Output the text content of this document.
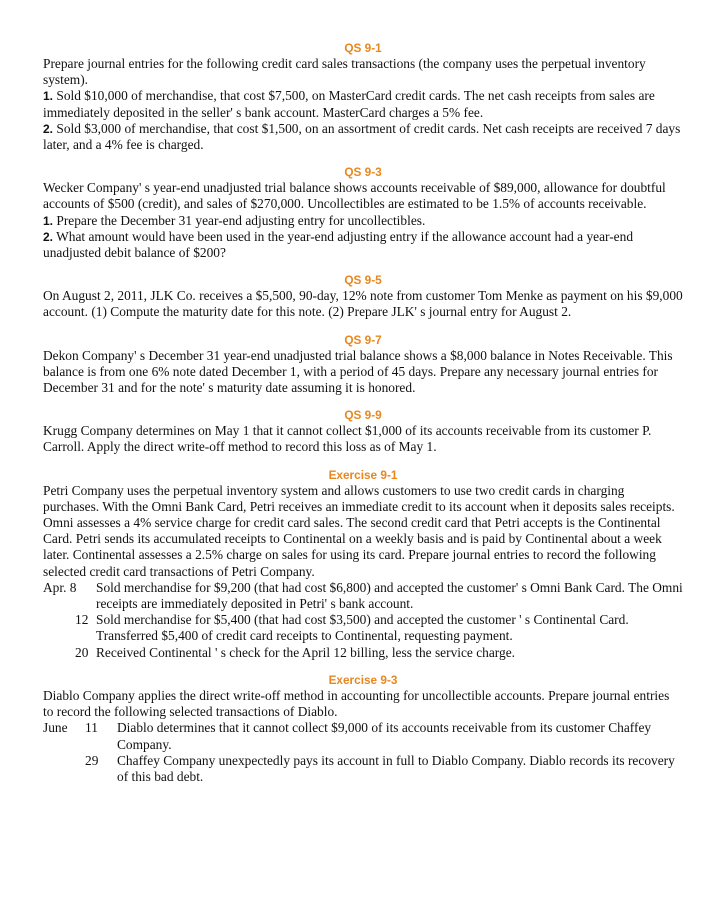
QS 9-1

Prepare journal entries for the following credit card sales transactions (the company uses the perpetual inventory system).

1. Sold $10,000 of merchandise, that cost $7,500, on MasterCard credit cards. The net cash receipts from sales are immediately deposited in the seller' s bank account. MasterCard charges a 5% fee.

2. Sold $3,000 of merchandise, that cost $1,500, on an assortment of credit cards. Net cash receipts are received 7 days later, and a 4% fee is charged.

QS 9-3

Wecker Company' s year-end unadjusted trial balance shows accounts receivable of $89,000, allowance for doubtful accounts of $500 (credit), and sales of $270,000. Uncollectibles are estimated to be 1.5% of accounts receivable.

1. Prepare the December 31 year-end adjusting entry for uncollectibles.

2. What amount would have been used in the year-end adjusting entry if the allowance account had a year-end unadjusted debit balance of $200?

QS 9-5

On August 2, 2011, JLK Co. receives a $5,500, 90-day, 12% note from customer Tom Menke as payment on his $9,000 account. (1) Compute the maturity date for this note. (2) Prepare JLK' s journal entry for August 2.

QS 9-7

Dekon Company' s December 31 year-end unadjusted trial balance shows a $8,000 balance in Notes Receivable. This balance is from one 6% note dated December 1, with a period of 45 days. Prepare any necessary journal entries for December 31 and for the note' s maturity date assuming it is honored.

QS 9-9

Krugg Company determines on May 1 that it cannot collect $1,000 of its accounts receivable from its customer P. Carroll. Apply the direct write-off method to record this loss as of May 1.

Exercise 9-1

Petri Company uses the perpetual inventory system and allows customers to use two credit cards in charging purchases. With the Omni Bank Card, Petri receives an immediate credit to its account when it deposits sales receipts. Omni assesses a 4% service charge for credit card sales. The second credit card that Petri accepts is the Continental Card. Petri sends its accumulated receipts to Continental on a weekly basis and is paid by Continental about a week later. Continental assesses a 2.5% charge on sales for using its card. Prepare journal entries to record the following selected credit card transactions of Petri Company.

Apr. 8	Sold merchandise for $9,200 (that had cost $6,800) and accepted the customer' s Omni Bank Card. The Omni receipts are immediately deposited in Petri' s bank account.
12 Sold merchandise for $5,400 (that had cost $3,500) and accepted the customer ' s Continental Card. Transferred $5,400 of credit card receipts to Continental, requesting payment.
20 Received Continental ' s check for the April 12 billing, less the service charge.
Exercise 9-3

Diablo Company applies the direct write-off method in accounting for uncollectible accounts. Prepare journal entries to record the following selected transactions of Diablo.

June 11	Diablo determines that it cannot collect $9,000 of its accounts receivable from its customer Chaffey Company.
29	Chaffey Company unexpectedly pays its account in full to Diablo Company. Diablo records its recovery of this bad debt.
